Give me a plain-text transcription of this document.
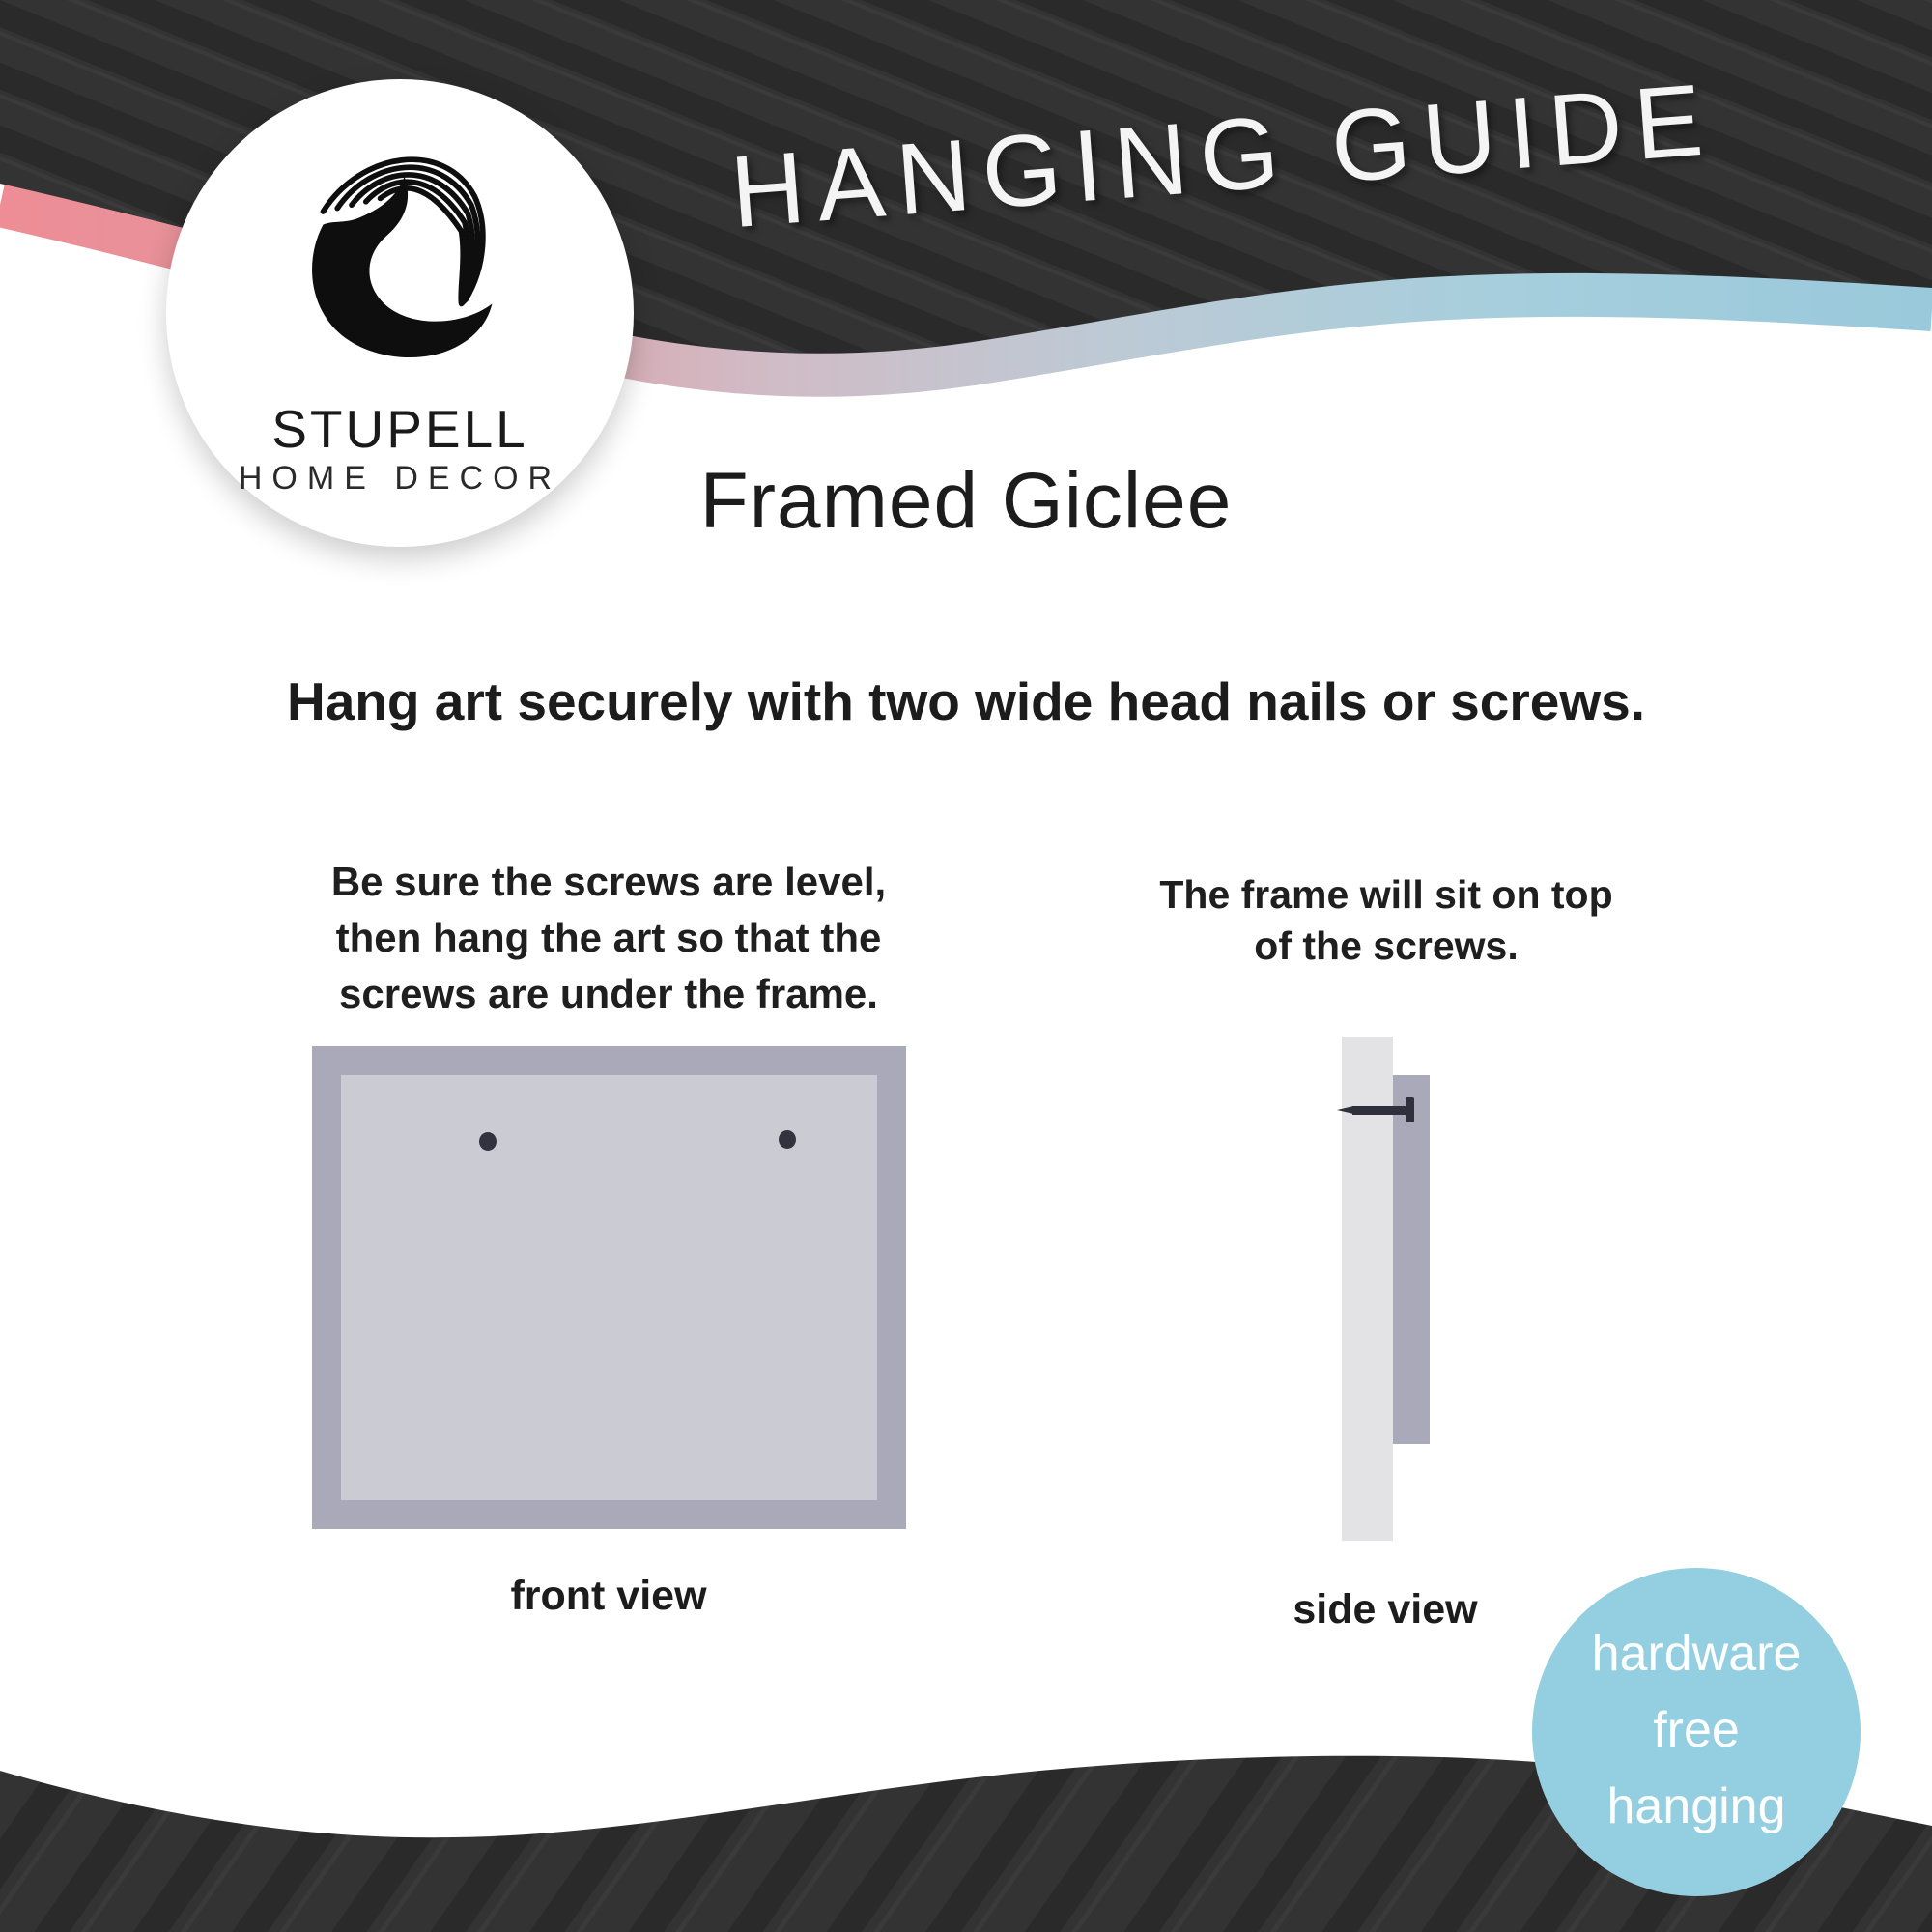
STUPELL
HOME DECOR
HANGING GUIDE
Framed Giclee
Hang art securely with two wide head nails or screws.
Be sure the screws are level,
then hang the art so that the
screws are under the frame.
The frame will sit on top
of the screws.
front view	side view
hardware
free
hanging
